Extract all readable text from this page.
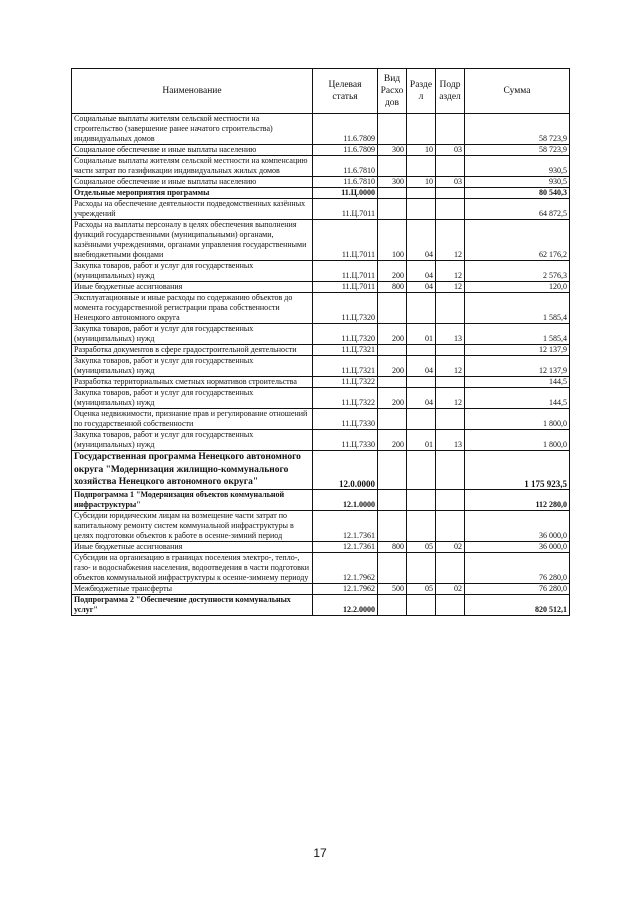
Наименование	Целевая статья	Вид Расхо дов	Разде л	Подр аздел	Сумма
Социальные выплаты жителям сельской местности на строительство (завершение ранее начатого строительства) индивидуальных домов	11.6.7809				58 723,9
Социальное обеспечение и иные выплаты населению	11.6.7809	300	10	03	58 723,9
Социальные выплаты жителям сельской местности на компенсацию части затрат по газификации индивидуальных жилых домов	11.6.7810				930,5
Социальное обеспечение и иные выплаты населению	11.6.7810	300	10	03	930,5
Отдельные мероприятия программы	11.Ц.0000				80 540,3
Расходы на обеспечение деятельности подведомственных казённых учреждений	11.Ц.7011				64 872,5
Расходы на выплаты персоналу в целях обеспечения выполнения функций государственными (муниципальными) органами, казёнными учреждениями, органами управления государственными внебюджетными фондами	11.Ц.7011	100	04	12	62 176,2
Закупка товаров, работ и услуг для государственных (муниципальных) нужд	11.Ц.7011	200	04	12	2 576,3
Иные бюджетные ассигнования	11.Ц.7011	800	04	12	120,0
Эксплуатационные и иные расходы по содержанию объектов до момента государственной регистрации права собственности Ненецкого автономного округа	11.Ц.7320				1 585,4
Закупка товаров, работ и услуг для государственных (муниципальных) нужд	11.Ц.7320	200	01	13	1 585,4
Разработка документов в сфере градостроительной деятельности	11.Ц.7321				12 137,9
Закупка товаров, работ и услуг для государственных (муниципальных) нужд	11.Ц.7321	200	04	12	12 137,9
Разработка территориальных сметных нормативов строительства	11.Ц.7322				144,5
Закупка товаров, работ и услуг для государственных (муниципальных) нужд	11.Ц.7322	200	04	12	144,5
Оценка недвижимости, признание прав и регулирование отношений по государственной собственности	11.Ц.7330				1 800,0
Закупка товаров, работ и услуг для государственных (муниципальных) нужд	11.Ц.7330	200	01	13	1 800,0
Государственная программа Ненецкого автономного округа "Модернизация жилищно-коммунального хозяйства Ненецкого автономного округа"	12.0.0000				1 175 923,5
Подпрограмма 1 "Модернизация объектов коммунальной инфраструктуры"	12.1.0000				112 280,0
Субсидии юридическим лицам на возмещение части затрат по капитальному ремонту систем коммунальной инфраструктуры в целях подготовки объектов к работе в осенне-зимний период	12.1.7361				36 000,0
Иные бюджетные ассигнования	12.1.7361	800	05	02	36 000,0
Субсидии на организацию в границах поселения электро-, тепло-, газо- и водоснабжения населения, водоотведения в части подготовки объектов коммунальной инфраструктуры к осенне-зимнему периоду	12.1.7962				76 280,0
Межбюджетные трансферты	12.1.7962	500	05	02	76 280,0
Подпрограмма 2 "Обеспечение доступности коммунальных услуг"	12.2.0000				820 512,1
17
